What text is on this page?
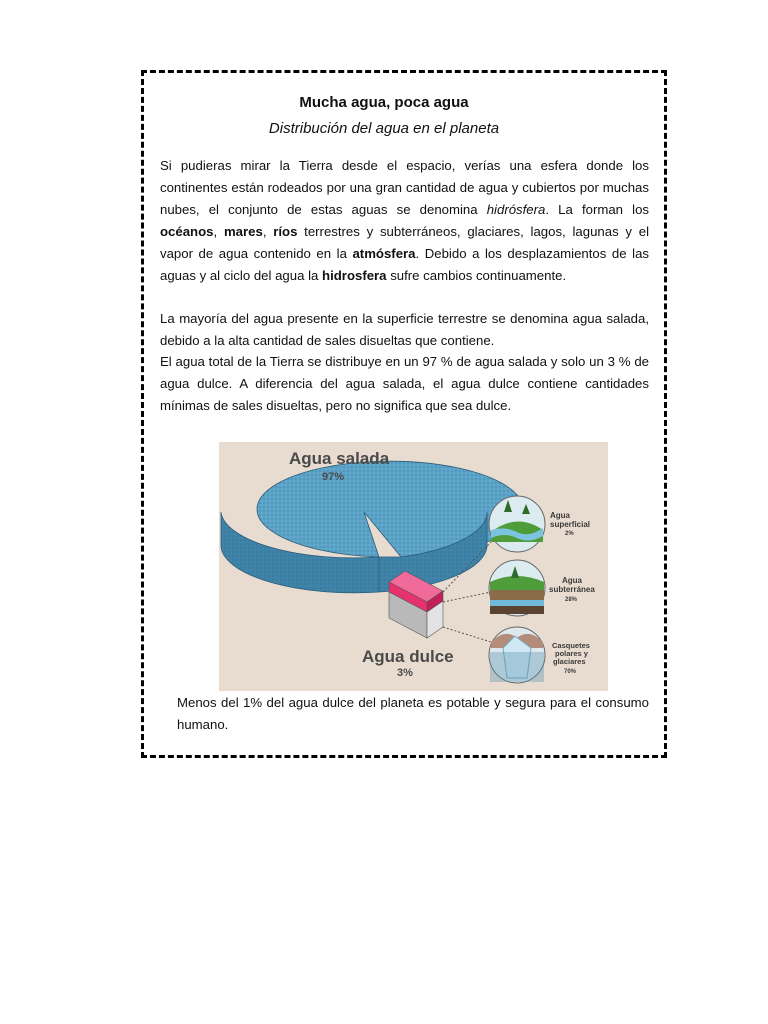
Mucha agua, poca agua
Distribución del agua en el planeta

Si pudieras mirar la Tierra desde el espacio, verías una esfera donde los continentes están rodeados por una gran cantidad de agua y cubiertos por muchas nubes, el conjunto de estas aguas se denomina hidrósfera. La forman los océanos, mares, ríos terrestres y subterráneos, glaciares, lagos, lagunas y el vapor de agua contenido en la atmósfera. Debido a los desplazamientos de las aguas y al ciclo del agua la hidrosfera sufre cambios continuamente.

La mayoría del agua presente en la superficie terrestre se denomina agua salada, debido a la alta cantidad de sales disueltas que contiene.

El agua total de la Tierra se distribuye en un 97 % de agua salada y solo un 3 % de agua dulce. A diferencia del agua salada, el agua dulce contiene cantidades mínimas de sales disueltas, pero no significa que sea dulce.

Agua
superficial
2%
Agua
subterránea
28%
Casquetes
polares y
glaciares
70%
Agua salada
97%
Agua dulce
3%

Menos del 1% del agua dulce del planeta es potable y segura para el consumo humano.
